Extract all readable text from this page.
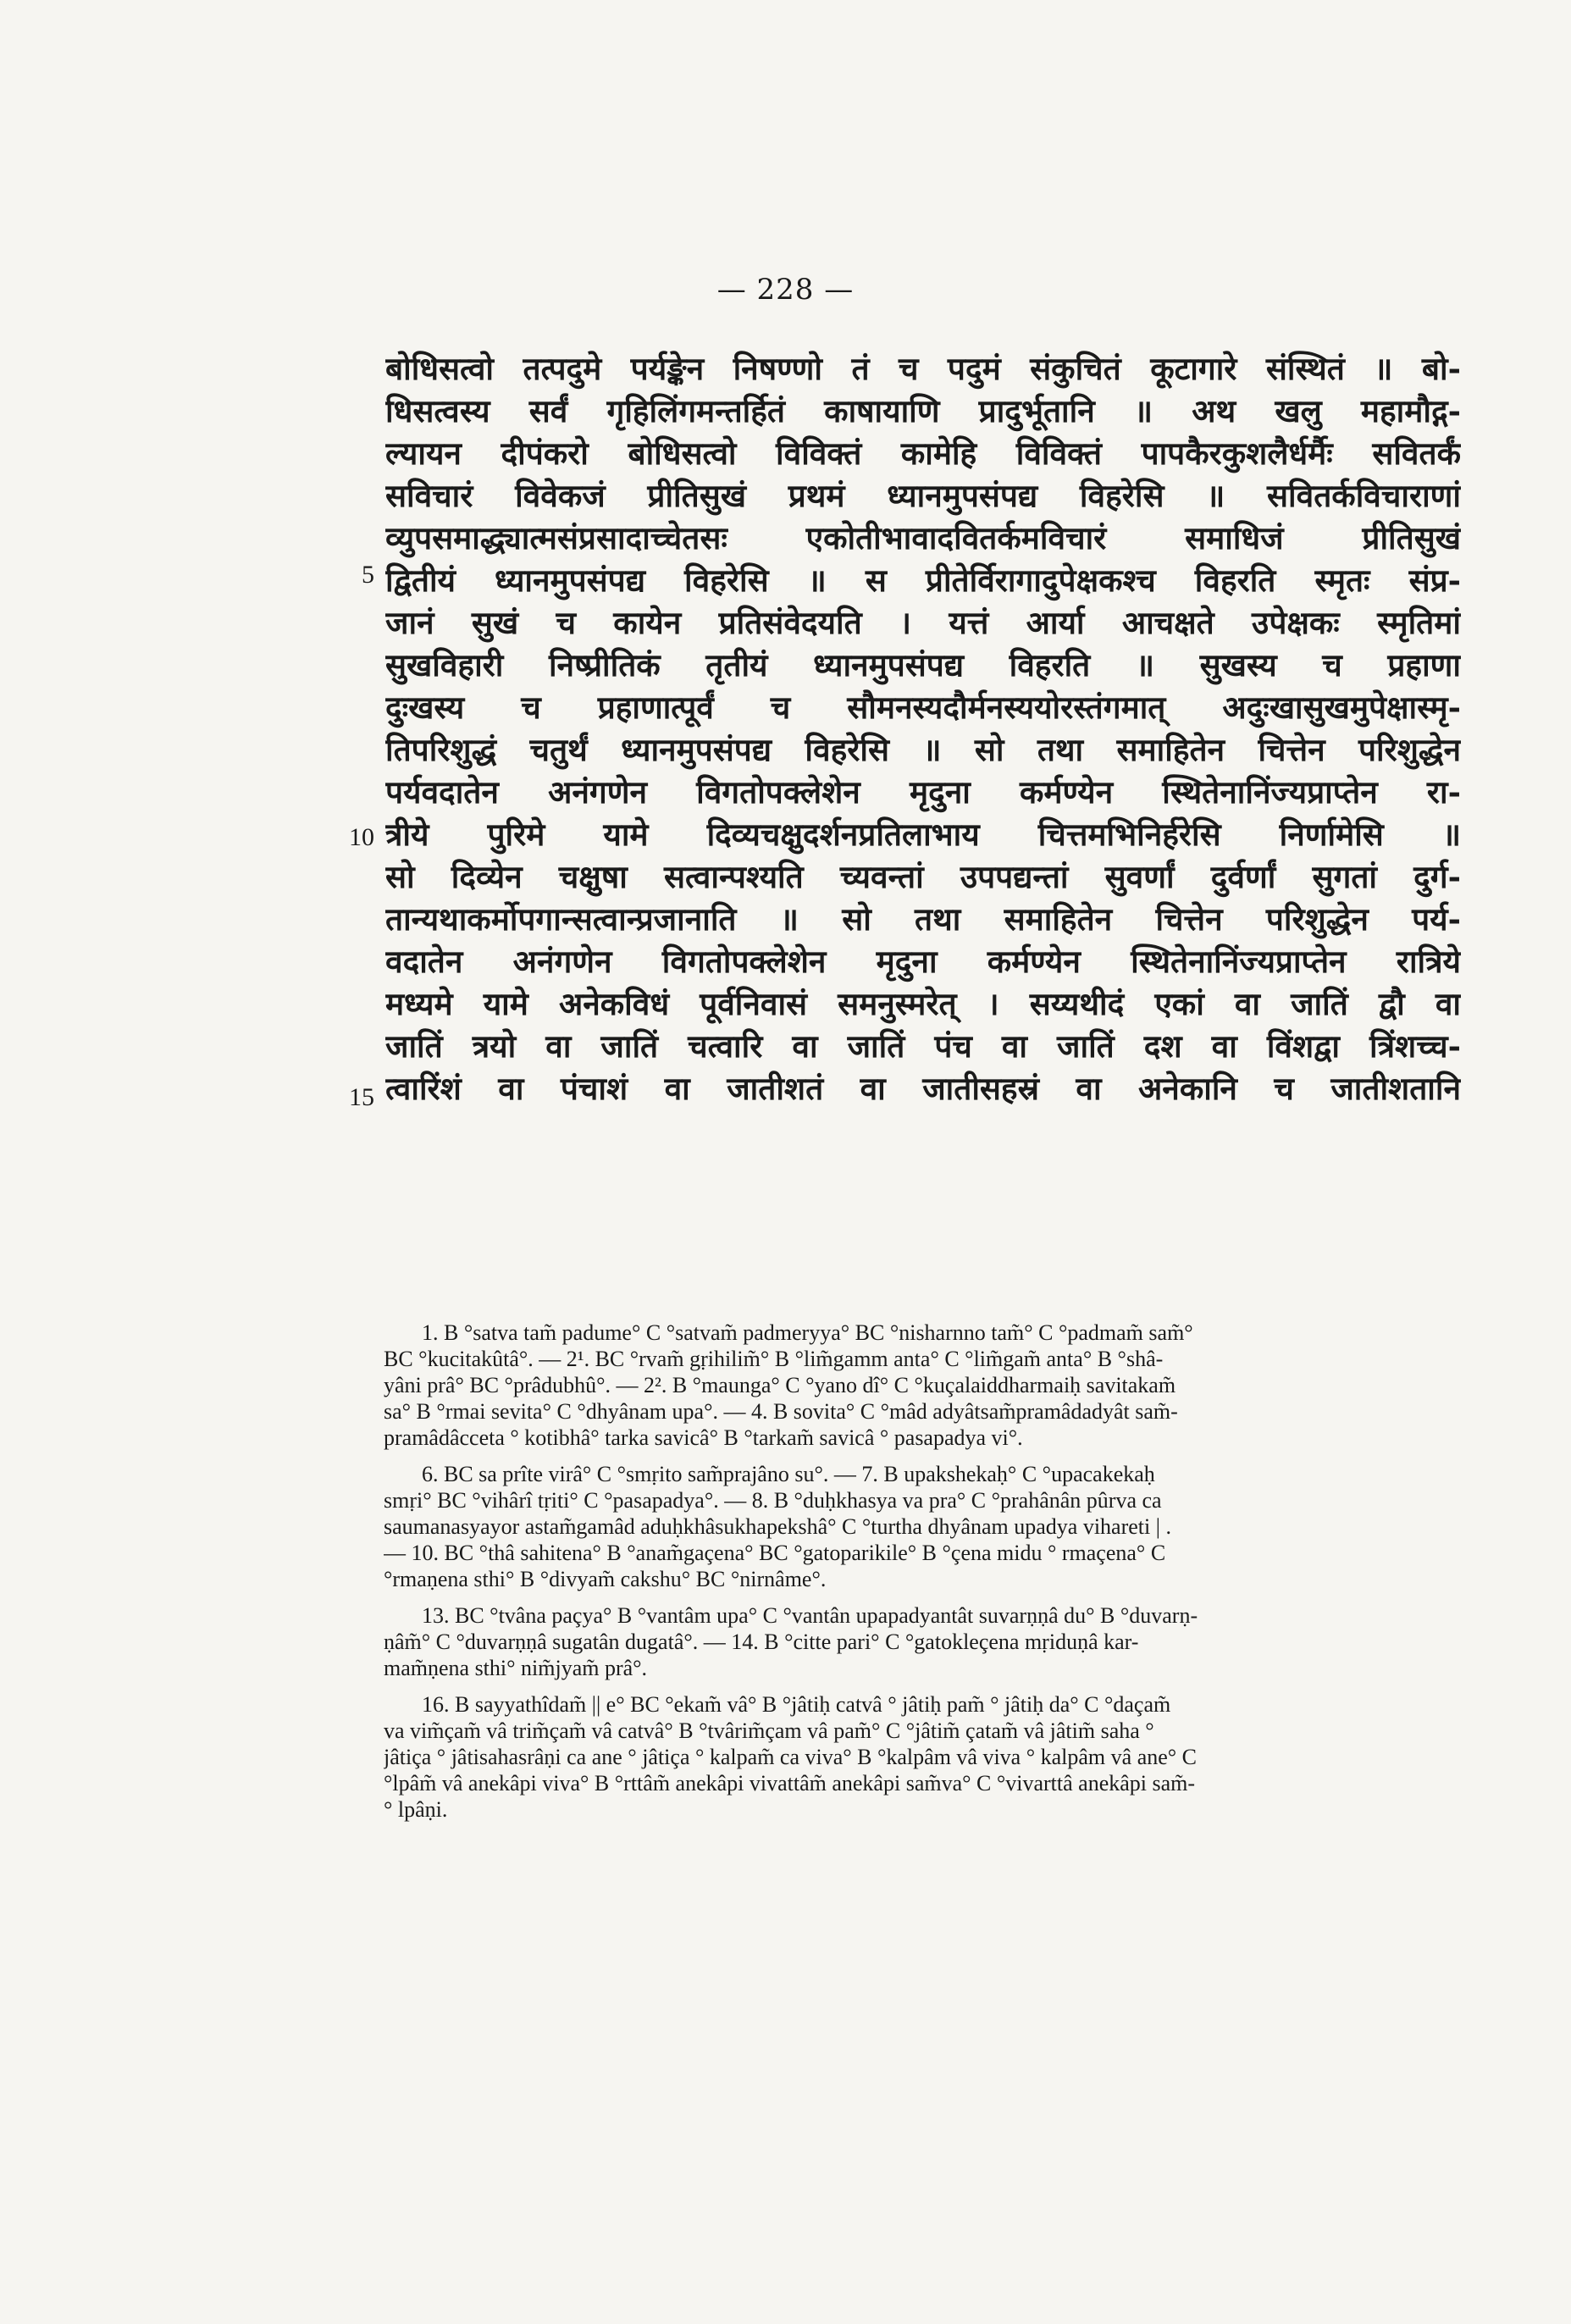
— 228 —
5
10
15
बोधिसत्वो तत्पदुमे पर्यङ्केन निषण्णो तं च पदुमं संकुचितं कूटागारे संस्थितं ॥ बो-
धिसत्वस्य सर्वं गृहिलिंगमन्तर्हितं काषायाणि प्रादुर्भूतानि ॥ अथ खलु महामौद्ग-
ल्यायन दीपंकरो बोधिसत्वो विविक्तं कामेहि विविक्तं पापकैरकुशलैर्धर्मैः सवितर्कं
सविचारं विवेकजं प्रीतिसुखं प्रथमं ध्यानमुपसंपद्य विहरेसि ॥ सवितर्कविचाराणां
व्युपसमाद्ध्यात्मसंप्रसादाच्चेतसः एकोतीभावादवितर्कमविचारं समाधिजं प्रीतिसुखं
द्वितीयं ध्यानमुपसंपद्य विहरेसि ॥ स प्रीतेर्विरागादुपेक्षकश्च विहरति स्मृतः संप्र-
जानं सुखं च कायेन प्रतिसंवेदयति । यत्तं आर्या आचक्षते उपेक्षकः स्मृतिमां
सुखविहारी निष्प्रीतिकं तृतीयं ध्यानमुपसंपद्य विहरति ॥ सुखस्य च प्रहाणा
दुःखस्य च प्रहाणात्पूर्वं च सौमनस्यदौर्मनस्ययोरस्तंगमात् अदुःखासुखमुपेक्षास्मृ-
तिपरिशुद्धं चतुर्थं ध्यानमुपसंपद्य विहरेसि ॥ सो तथा समाहितेन चित्तेन परिशुद्धेन
पर्यवदातेन अनंगणेन विगतोपक्लेशेन मृदुना कर्मण्येन स्थितेनानिंज्यप्राप्तेन रा-
त्रीये पुरिमे यामे दिव्यचक्षुदर्शनप्रतिलाभाय चित्तमभिनिर्हरेसि निर्णामेसि ॥
सो दिव्येन चक्षुषा सत्वान्पश्यति च्यवन्तां उपपद्यन्तां सुवर्णां दुर्वर्णां सुगतां दुर्ग-
तान्यथाकर्मोपगान्सत्वान्प्रजानाति ॥ सो तथा समाहितेन चित्तेन परिशुद्धेन पर्य-
वदातेन अनंगणेन विगतोपक्लेशेन मृदुना कर्मण्येन स्थितेनानिंज्यप्राप्तेन रात्रिये
मध्यमे यामे अनेकविधं पूर्वनिवासं समनुस्मरेत् । सय्यथीदं एकां वा जातिं द्वौ वा
जातिं त्रयो वा जातिं चत्वारि वा जातिं पंच वा जातिं दश वा विंशद्वा त्रिंशच्च-
त्वारिंशं वा पंचाशं वा जातीशतं वा जातीसहस्रं वा अनेकानि च जातीशतानि

1. B °satva tam̃ padume° C °satvam̃ padmeryya° BC °nisharnno tam̃° C °padmam̃ sam̃°
BC °kucitakûtâ°. — 2¹. BC °rvam̃ gṛihilim̃° B °lim̃gamm anta° C °lim̃gam̃ anta° B °shâ-
yâni prâ° BC °prâdubhû°. — 2². B °maunga° C °yano dî° C °kuçalaiddharmaiḥ savitakam̃
sa° B °rmai sevita° C °dhyânam upa°. — 4. B sovita° C °mâd adyâtsam̃pramâdadyât sam̃-
pramâdâcceta ° kotibhâ° tarka savicâ° B °tarkam̃ savicâ ° pasapadya vi°.

6. BC sa prîte virâ° C °smṛito sam̃prajâno su°. — 7. B upakshekaḥ° C °upacakekaḥ
smṛi° BC °vihârî tṛiti° C °pasapadya°. — 8. B °duḥkhasya va pra° C °prahânân pûrva ca
saumanasyayor astam̃gamâd aduḥkhâsukhapekshâ° C °turtha dhyânam upadya vihareti | .
— 10. BC °thâ sahitena° B °anam̃gaçena° BC °gatoparikile° B °çena midu ° rmaçena° C
°rmaṇena sthi° B °divyam̃ cakshu° BC °nirnâme°.

13. BC °tvâna paçya° B °vantâm upa° C °vantân upapadyantât suvarṇṇâ du° B °duvarṇ-
ṇâm̃° C °duvarṇṇâ sugatân dugatâ°. — 14. B °citte pari° C °gatokleçena mṛiduṇâ kar-
mam̃ṇena sthi° nim̃jyam̃ prâ°.

16. B sayyathîdam̃ || e° BC °ekam̃ vâ° B °jâtiḥ catvâ ° jâtiḥ pam̃ ° jâtiḥ da° C °daçam̃
va vim̃çam̃ vâ trim̃çam̃ vâ catvâ° B °tvârim̃çam vâ pam̃° C °jâtim̃ çatam̃ vâ jâtim̃ saha °
jâtiça ° jâtisahasrâṇi ca ane ° jâtiça ° kalpam̃ ca viva° B °kalpâm vâ viva ° kalpâm vâ ane° C
°lpâm̃ vâ anekâpi viva° B °rttâm̃ anekâpi vivattâm̃ anekâpi sam̃va° C °vivarttâ anekâpi sam̃-
° lpâṇi.
